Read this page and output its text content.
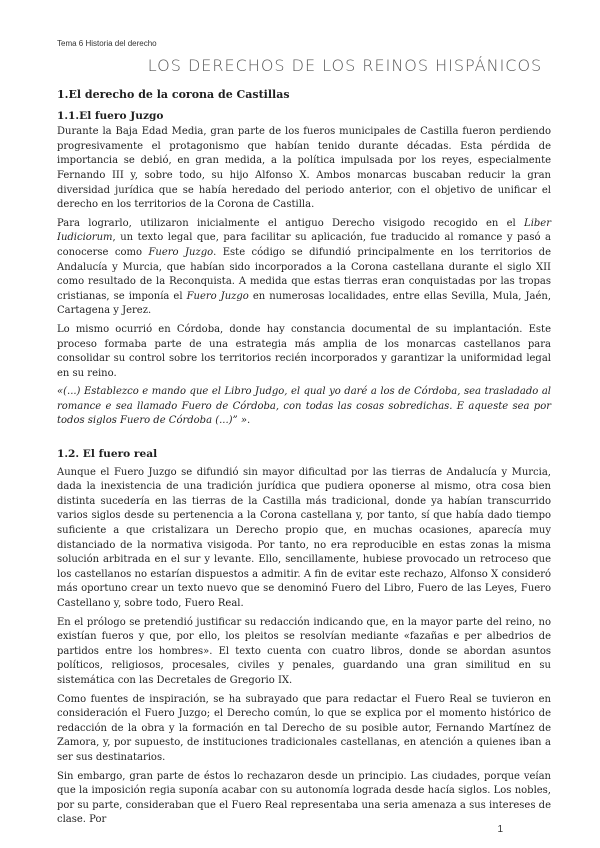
Tema 6 Historia del derecho
LOS DERECHOS DE LOS REINOS HISPÁNICOS
1.El derecho de la corona de Castillas
1.1.El fuero Juzgo

Durante la Baja Edad Media, gran parte de los fueros municipales de Castilla fueron perdiendo progresivamente el protagonismo que habían tenido durante décadas. Esta pérdida de importancia se debió, en gran medida, a la política impulsada por los reyes, especialmente Fernando III y, sobre todo, su hijo Alfonso X. Ambos monarcas buscaban reducir la gran diversidad jurídica que se había heredado del periodo anterior, con el objetivo de unificar el derecho en los territorios de la Corona de Castilla.

Para lograrlo, utilizaron inicialmente el antiguo Derecho visigodo recogido en el Liber Iudiciorum, un texto legal que, para facilitar su aplicación, fue traducido al romance y pasó a conocerse como Fuero Juzgo. Este código se difundió principalmente en los territorios de Andalucía y Murcia, que habían sido incorporados a la Corona castellana durante el siglo XII como resultado de la Reconquista. A medida que estas tierras eran conquistadas por las tropas cristianas, se imponía el Fuero Juzgo en numerosas localidades, entre ellas Sevilla, Mula, Jaén, Cartagena y Jerez.

Lo mismo ocurrió en Córdoba, donde hay constancia documental de su implantación. Este proceso formaba parte de una estrategia más amplia de los monarcas castellanos para consolidar su control sobre los territorios recién incorporados y garantizar la uniformidad legal en su reino.

«(...) Establezco e mando que el Libro Judgo, el qual yo daré a los de Córdoba, sea trasladado al romance e sea llamado Fuero de Córdoba, con todas las cosas sobredichas. E aqueste sea por todos siglos Fuero de Córdoba (...)” ».

1.2. El fuero real

Aunque el Fuero Juzgo se difundió sin mayor dificultad por las tierras de Andalucía y Murcia, dada la inexistencia de una tradición jurídica que pudiera oponerse al mismo, otra cosa bien distinta sucedería en las tierras de la Castilla más tradicional, donde ya habían transcurrido varios siglos desde su pertenencia a la Corona castellana y, por tanto, sí que había dado tiempo suficiente a que cristalizara un Derecho propio que, en muchas ocasiones, aparecía muy distanciado de la normativa visigoda. Por tanto, no era reproducible en estas zonas la misma solución arbitrada en el sur y levante. Ello, sencillamente, hubiese provocado un retroceso que los castellanos no estarían dispuestos a admitir. A fin de evitar este rechazo, Alfonso X consideró más oportuno crear un texto nuevo que se denominó Fuero del Libro, Fuero de las Leyes, Fuero Castellano y, sobre todo, Fuero Real.

En el prólogo se pretendió justificar su redacción indicando que, en la mayor parte del reino, no existían fueros y que, por ello, los pleitos se resolvían mediante «fazañas e per albedrios de partidos entre los hombres». El texto cuenta con cuatro libros, donde se abordan asuntos políticos, religiosos, procesales, civiles y penales, guardando una gran similitud en su sistemática con las Decretales de Gregorio IX.

Como fuentes de inspiración, se ha subrayado que para redactar el Fuero Real se tuvieron en consideración el Fuero Juzgo; el Derecho común, lo que se explica por el momento histórico de redacción de la obra y la formación en tal Derecho de su posible autor, Fernando Martínez de Zamora, y, por supuesto, de instituciones tradicionales castellanas, en atención a quienes iban a ser sus destinatarios.

Sin embargo, gran parte de éstos lo rechazaron desde un principio. Las ciudades, porque veían que la imposición regia suponía acabar con su autonomía lograda desde hacía siglos. Los nobles, por su parte, consideraban que el Fuero Real representaba una seria amenaza a sus intereses de clase. Por

1
